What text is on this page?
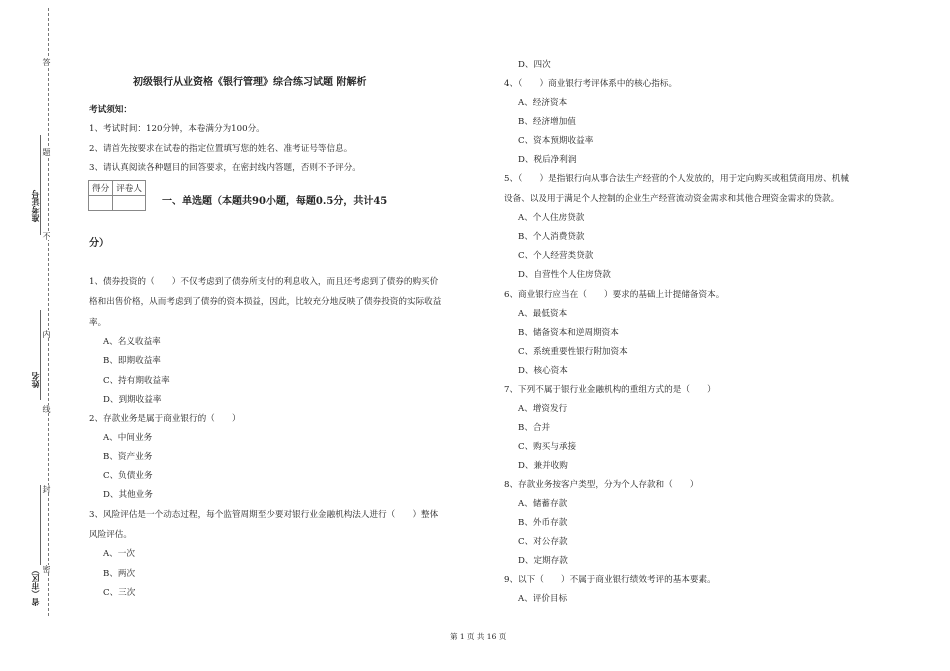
答
题
不
内
线
封
密
准考证号
姓名
省（市区）
初级银行从业资格《银行管理》综合练习试题 附解析
考试须知：
1、考试时间：120分钟，本卷满分为100分。
2、请首先按要求在试卷的指定位置填写您的姓名、准考证号等信息。
3、请认真阅读各种题目的回答要求，在密封线内答题，否则不予评分。
得分	评卷人

一、单选题（本题共90小题，每题0.5分，共计45
分）
1、债券投资的（　　）不仅考虑到了债券所支付的利息收入，而且还考虑到了债券的购买价
格和出售价格，从而考虑到了债券的资本损益，因此，比较充分地反映了债券投资的实际收益
率。
A、名义收益率
B、即期收益率
C、持有期收益率
D、到期收益率
2、存款业务是属于商业银行的（　　）
A、中间业务
B、资产业务
C、负债业务
D、其他业务
3、风险评估是一个动态过程，每个监管周期至少要对银行业金融机构法人进行（　　）整体
风险评估。
A、一次
B、两次
C、三次
D、四次
4、（　　）商业银行考评体系中的核心指标。
A、经济资本
B、经济增加值
C、资本预期收益率
D、税后净利润
5、（　　）是指银行向从事合法生产经营的个人发放的，用于定向购买或租赁商用房、机械
设备、以及用于满足个人控制的企业生产经营流动资金需求和其他合理资金需求的贷款。
A、个人住房贷款
B、个人消费贷款
C、个人经营类贷款
D、自营性个人住房贷款
6、商业银行应当在（　　）要求的基础上计提储备资本。
A、最低资本
B、储备资本和逆周期资本
C、系统重要性银行附加资本
D、核心资本
7、下列不属于银行业金融机构的重组方式的是（　　）
A、增资发行
B、合并
C、购买与承接
D、兼并收购
8、存款业务按客户类型，分为个人存款和（　　）
A、储蓄存款
B、外币存款
C、对公存款
D、定期存款
9、以下（　　）不属于商业银行绩效考评的基本要素。
A、评价目标
第 1 页 共 16 页
